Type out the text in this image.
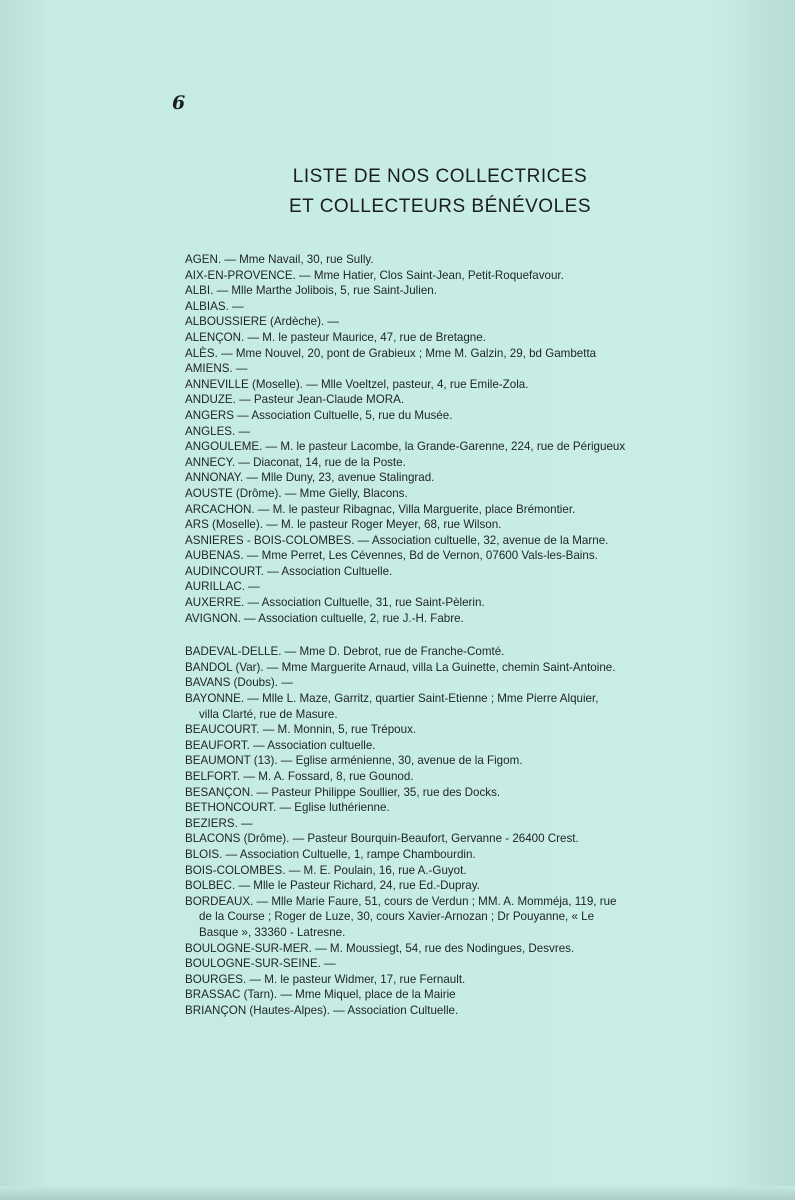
6
LISTE DE NOS COLLECTRICES
ET COLLECTEURS BÉNÉVOLES
AGEN. — Mme Navail, 30, rue Sully.
AIX-EN-PROVENCE. — Mme Hatier, Clos Saint-Jean, Petit-Roquefavour.
ALBI. — Mlle Marthe Jolibois, 5, rue Saint-Julien.
ALBIAS. —
ALBOUSSIERE (Ardèche). —
ALENÇON. — M. le pasteur Maurice, 47, rue de Bretagne.
ALÈS. — Mme Nouvel, 20, pont de Grabieux ; Mme M. Galzin, 29, bd Gambetta
AMIENS. —
ANNEVILLE (Moselle). — Mlle Voeltzel, pasteur, 4, rue Emile-Zola.
ANDUZE. — Pasteur Jean-Claude MORA.
ANGERS — Association Cultuelle, 5, rue du Musée.
ANGLES. —
ANGOULEME. — M. le pasteur Lacombe, la Grande-Garenne, 224, rue de Périgueux
ANNECY. — Diaconat, 14, rue de la Poste.
ANNONAY. — Mlle Duny, 23, avenue Stalingrad.
AOUSTE (Drôme). — Mme Gielly, Blacons.
ARCACHON. — M. le pasteur Ribagnac, Villa Marguerite, place Brémontier.
ARS (Moselle). — M. le pasteur Roger Meyer, 68, rue Wilson.
ASNIERES - BOIS-COLOMBES. — Association cultuelle, 32, avenue de la Marne.
AUBENAS. — Mme Perret, Les Cévennes, Bd de Vernon, 07600 Vals-les-Bains.
AUDINCOURT. — Association Cultuelle.
AURILLAC. —
AUXERRE. — Association Cultuelle, 31, rue Saint-Pèlerin.
AVIGNON. — Association cultuelle, 2, rue J.-H. Fabre.
BADEVAL-DELLE. — Mme D. Debrot, rue de Franche-Comté.
BANDOL (Var). — Mme Marguerite Arnaud, villa La Guinette, chemin Saint-Antoine.
BAVANS (Doubs). —
BAYONNE. — Mlle L. Maze, Garritz, quartier Saint-Etienne ; Mme Pierre Alquier,
villa Clarté, rue de Masure.
BEAUCOURT. — M. Monnin, 5, rue Trépoux.
BEAUFORT. — Association cultuelle.
BEAUMONT (13). — Eglise arménienne, 30, avenue de la Figom.
BELFORT. — M. A. Fossard, 8, rue Gounod.
BESANÇON. — Pasteur Philippe Soullier, 35, rue des Docks.
BETHONCOURT. — Eglise luthérienne.
BEZIERS. —
BLACONS (Drôme). — Pasteur Bourquin-Beaufort, Gervanne - 26400 Crest.
BLOIS. — Association Cultuelle, 1, rampe Chambourdin.
BOIS-COLOMBES. — M. E. Poulain, 16, rue A.-Guyot.
BOLBEC. — Mlle le Pasteur Richard, 24, rue Ed.-Dupray.
BORDEAUX. — Mlle Marie Faure, 51, cours de Verdun ; MM. A. Momméja, 119, rue
de la Course ; Roger de Luze, 30, cours Xavier-Arnozan ; Dr Pouyanne, « Le
Basque », 33360 - Latresne.
BOULOGNE-SUR-MER. — M. Moussiegt, 54, rue des Nodingues, Desvres.
BOULOGNE-SUR-SEINE. —
BOURGES. — M. le pasteur Widmer, 17, rue Fernault.
BRASSAC (Tarn). — Mme Miquel, place de la Mairie
BRIANÇON (Hautes-Alpes). — Association Cultuelle.
